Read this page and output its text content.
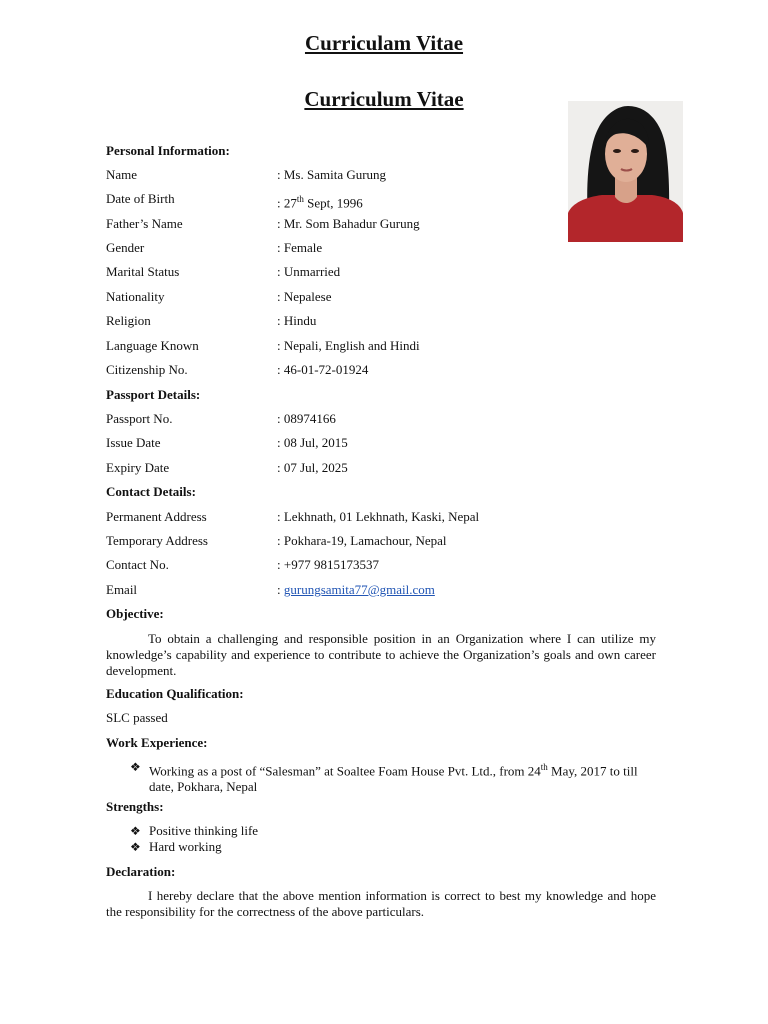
Curriculam Vitae
Curriculum Vitae
Personal Information:
Name	: Ms. Samita Gurung
Date of Birth	: 27th Sept, 1996
Father’s Name	: Mr. Som Bahadur Gurung
Gender	: Female
Marital Status	: Unmarried
Nationality	: Nepalese
Religion	: Hindu
Language Known	: Nepali, English and Hindi
Citizenship No.	: 46-01-72-01924
Passport Details:
Passport No.	: 08974166
Issue Date	: 08 Jul, 2015
Expiry Date	: 07 Jul, 2025
Contact Details:
Permanent Address	: Lekhnath, 01 Lekhnath, Kaski, Nepal
Temporary Address	: Pokhara-19, Lamachour, Nepal
Contact No.	: +977 9815173537
Email	: gurungsamita77@gmail.com
Objective:
To obtain a challenging and responsible position in an Organization where I can utilize my knowledge’s capability and experience to contribute to achieve the Organization’s goals and own career development.
Education Qualification:
SLC passed
Work Experience:
❖ Working as a post of “Salesman” at Soaltee Foam House Pvt. Ltd., from 24th May, 2017 to till date, Pokhara, Nepal
Strengths:
❖ Positive thinking life
❖ Hard working
Declaration:
I hereby declare that the above mention information is correct to best my knowledge and hope the responsibility for the correctness of the above particulars.
